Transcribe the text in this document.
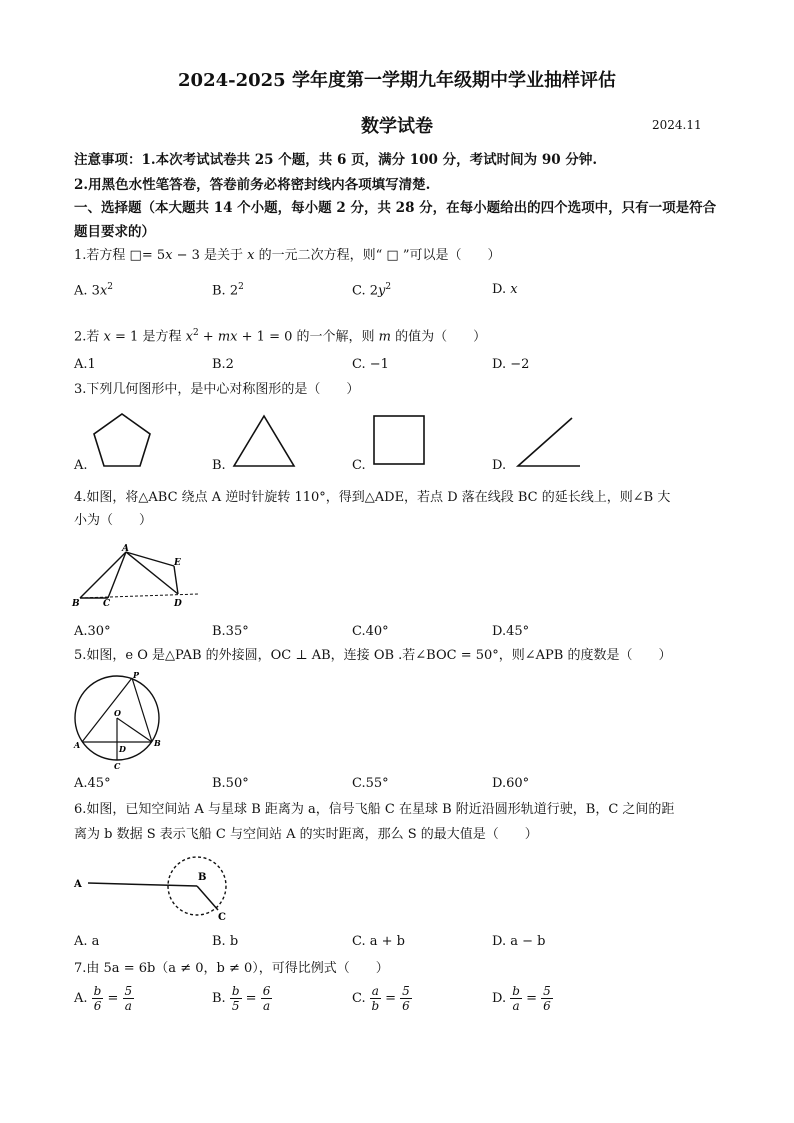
2024-2025 学年度第一学期九年级期中学业抽样评估
数学试卷	2024.11
注意事项：1.本次考试试卷共 25 个题，共 6 页，满分 100 分，考试时间为 90 分钟.
2.用黑色水性笔答卷，答卷前务必将密封线内各项填写清楚.
一、选择题（本大题共 14 个小题，每小题 2 分，共 28 分，在每小题给出的四个选项中，只有一项是符合题目要求的）
1.若方程 □= 5x − 3 是关于 x 的一元二次方程，则“ □ ”可以是（　　）
A. $3x^2$	B. $2^2$	C. $2y^2$	D. x
2.若 x = 1 是方程 $x^2$ + mx + 1 = 0 的一个解，则 m 的值为（　　）
A.1	B.2	C. −1	D. −2
3.下列几何图形中，是中心对称图形的是（　　）
A.	B.	C.	D.
4.如图，将△ABC 绕点 A 逆时针旋转 110°，得到△ADE，若点 D 落在线段 BC 的延长线上，则∠B 大
小为（　　）
A
B	C	D
E
A.30°	B.35°	C.40°	D.45°
5.如图，e O 是△PAB 的外接圆，OC ⊥ AB，连接 OB .若∠BOC = 50°，则∠APB 的度数是（　　）
P
O
A	B
D
C
A.45°	B.50°	C.55°	D.60°
6.如图，已知空间站 A 与星球 B 距离为 a，信号飞船 C 在星球 B 附近沿圆形轨道行驶，B，C 之间的距
离为 b 数据 S 表示飞船 C 与空间站 A 的实时距离，那么 S 的最大值是（　　）
A
B
C
A. a	B. b	C. a + b	D. a − b
7.由 5a = 6b（a ≠ 0，b ≠ 0），可得比例式（　　）
A. $\frac{b}{6} = \frac{5}{a}$	B. $\frac{b}{5} = \frac{6}{a}$	C. $\frac{a}{b} = \frac{5}{6}$	D. $\frac{b}{a} = \frac{5}{6}$
